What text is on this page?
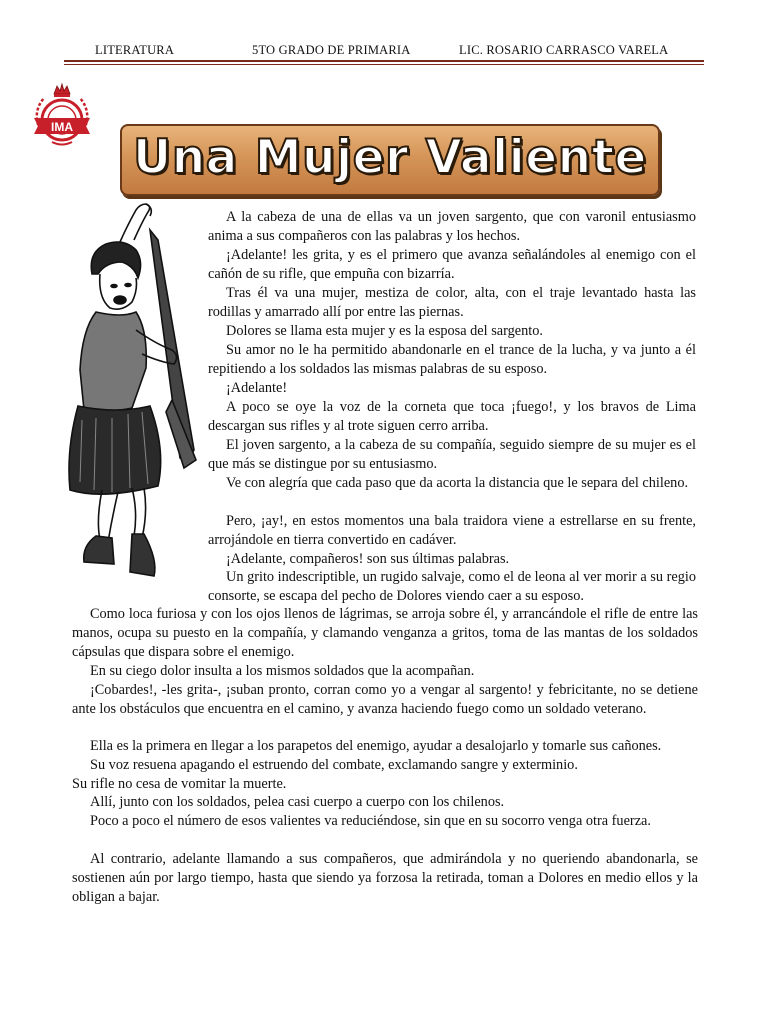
LITERATURA	5TO GRADO DE PRIMARIA	LIC. ROSARIO CARRASCO VARELA
IMA
Una Mujer Valiente

A la cabeza de una de ellas va un joven sargento, que con varonil entusiasmo anima a sus compañeros con las palabras y los hechos.

¡Adelante! les grita, y es el primero que avanza señalándoles al enemigo con el cañón de su rifle, que empuña con bizarría.

Tras él va una mujer, mestiza de color, alta, con el traje levantado hasta las rodillas y amarrado allí por entre las piernas.

Dolores se llama esta mujer y es la esposa del sargento.

Su amor no le ha permitido abandonarle en el trance de la lucha, y va junto a él repitiendo a los soldados las mismas palabras de su esposo.

¡Adelante!

A poco se oye la voz de la corneta que toca ¡fuego!, y los bravos de Lima descargan sus rifles y al trote siguen cerro arriba.

El joven sargento, a la cabeza de su compañía, seguido siempre de su mujer es el que más se distingue por su entusiasmo.

Ve con alegría que cada paso que da acorta la distancia que le separa del chileno.

Pero, ¡ay!, en estos momentos una bala traidora viene a estrellarse en su frente, arrojándole en tierra convertido en cadáver.

¡Adelante, compañeros! son sus últimas palabras.

Un grito indescriptible, un rugido salvaje, como el de leona al ver morir a su regio consorte, se escapa del pecho de Dolores viendo caer a su esposo.

Como loca furiosa y con los ojos llenos de lágrimas, se arroja sobre él, y arrancándole el rifle de entre las manos, ocupa su puesto en la compañía, y clamando venganza a gritos, toma de las mantas de los soldados cápsulas que dispara sobre el enemigo.

En su ciego dolor insulta a los mismos soldados que la acompañan.

¡Cobardes!, -les grita-, ¡suban pronto, corran como yo a vengar al sargento! y febricitante, no se detiene ante los obstáculos que encuentra en el camino, y avanza haciendo fuego como un soldado veterano.

Ella es la primera en llegar a los parapetos del enemigo, ayudar a desalojarlo y tomarle sus cañones.

Su voz resuena apagando el estruendo del combate, exclamando sangre y exterminio.

Su rifle no cesa de vomitar la muerte.

Allí, junto con los soldados, pelea casi cuerpo a cuerpo con los chilenos.

Poco a poco el número de esos valientes va reduciéndose, sin que en su socorro venga otra fuerza.

Al contrario, adelante llamando a sus compañeros, que admirándola y no queriendo abandonarla, se sostienen aún por largo tiempo, hasta que siendo ya forzosa la retirada, toman a Dolores en medio ellos y la obligan a bajar.
